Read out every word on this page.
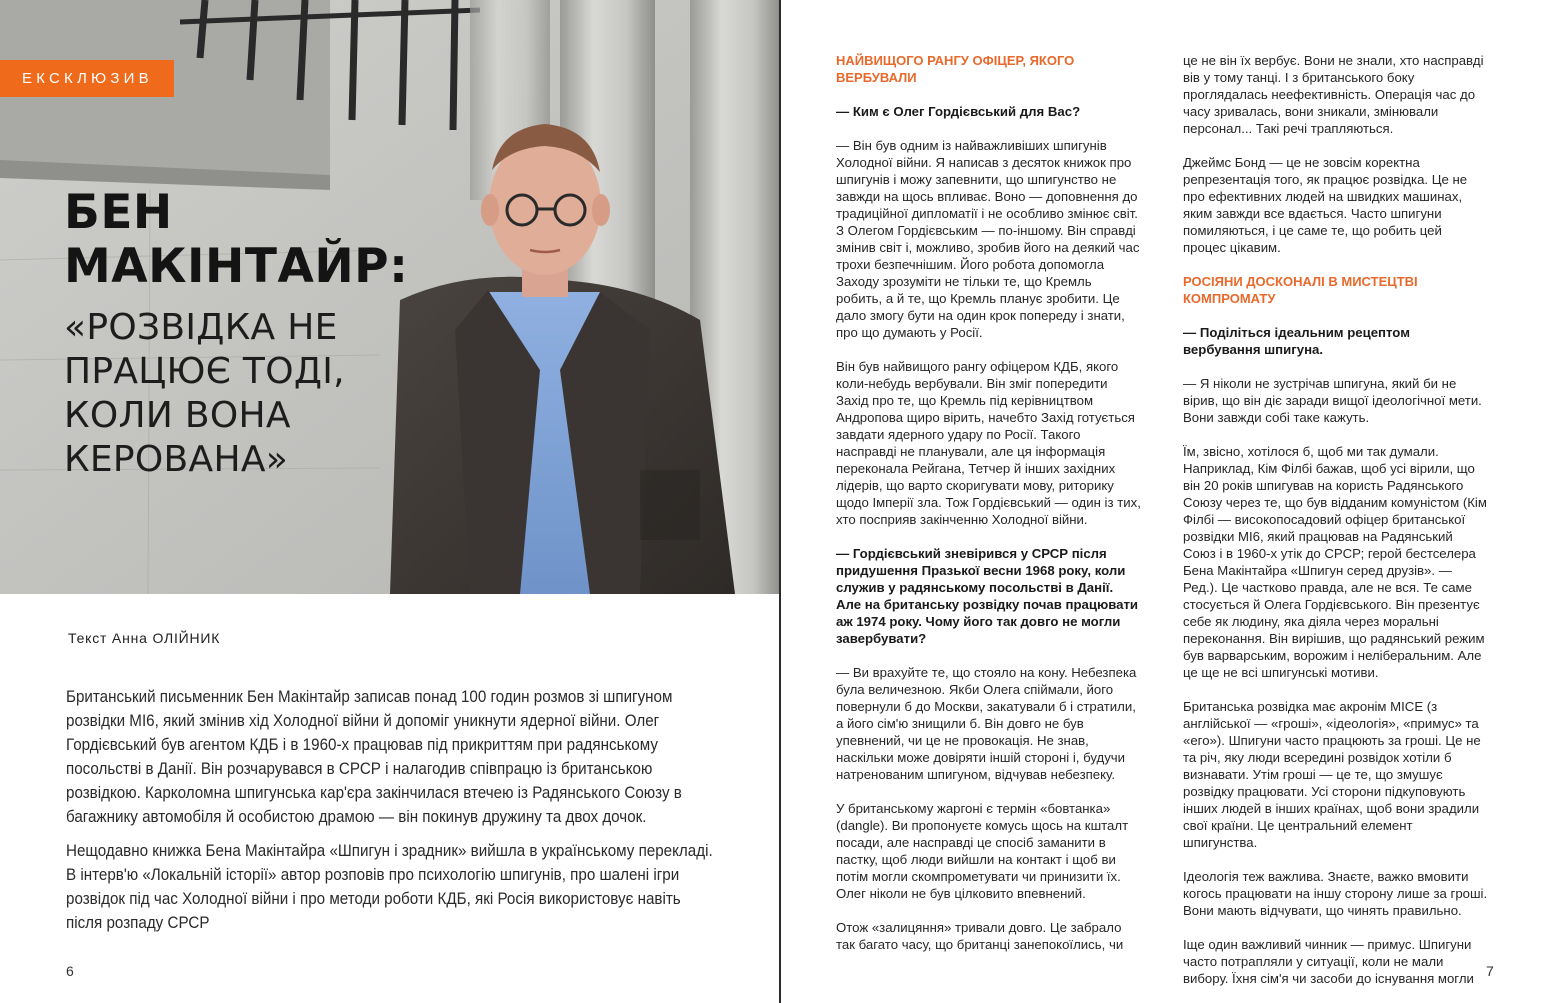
ЕКСКЛЮЗИВ
БЕН
МАКІНТАЙР:
«РОЗВІДКА НЕ
ПРАЦЮЄ ТОДІ,
КОЛИ ВОНА
КЕРОВАНА»
Текст Анна ОЛІЙНИК

Британський письменник Бен Макінтайр записав понад 100 годин розмов зі шпигуном розвідки МІ6, який змінив хід Холодної війни й допоміг уникнути ядерної війни. Олег Гордієвський був агентом КДБ і в 1960-х працював під прикриттям при радянському посольстві в Данії. Він розчарувався в СРСР і налагодив співпрацю із британською розвідкою. Карколомна шпигунська кар'єра закінчилася втечею із Радянського Союзу в багажнику автомобіля й особистою драмою — він покинув дружину та двох дочок.

Нещодавно книжка Бена Макінтайра «Шпигун і зрадник» вийшла в українському перекладі. В інтерв'ю «Локальній історії» автор розповів про психологію шпигунів, про шалені ігри розвідок під час Холодної війни і про методи роботи КДБ, які Росія використовує навіть після розпаду СРСР

6

НАЙВИЩОГО РАНГУ ОФІЦЕР, ЯКОГО ВЕРБУВАЛИ

— Ким є Олег Гордієвський для Вас?

— Він був одним із найважливіших шпигунів Холодної війни. Я написав з десяток книжок про шпигунів і можу запевнити, що шпигунство не завжди на щось впливає. Воно — доповнення до традиційної дипломатії і не особливо змінює світ. З Олегом Гордієвським — по-іншому. Він справді змінив світ і, можливо, зробив його на деякий час трохи безпечнішим. Його робота допомогла Заходу зрозуміти не тільки те, що Кремль робить, а й те, що Кремль планує зробити. Це дало змогу бути на один крок попереду і знати, про що думають у Росії.

Він був найвищого рангу офіцером КДБ, якого коли-небудь вербували. Він зміг попередити Захід про те, що Кремль під керівництвом Андропова щиро вірить, начебто Захід готується завдати ядерного удару по Росії. Такого насправді не планували, але ця інформація переконала Рейгана, Тетчер й інших західних лідерів, що варто скоригувати мову, риторику щодо Імперії зла. Тож Гордієвський — один із тих, хто посприяв закінченню Холодної війни.

— Гордієвський зневірився у СРСР після придушення Празької весни 1968 року, коли служив у радянському посольстві в Данії. Але на британську розвідку почав працювати аж 1974 року. Чому його так довго не могли завербувати?

— Ви врахуйте те, що стояло на кону. Небезпека була величезною. Якби Олега спіймали, його повернули б до Москви, закатували б і стратили, а його сім'ю знищили б. Він довго не був упевнений, чи це не провокація. Не знав, наскільки може довіряти іншій стороні і, будучи натренованим шпигуном, відчував небезпеку.

У британському жаргоні є термін «бовтанка» (dangle). Ви пропонуєте комусь щось на кшталт посади, але насправді це спосіб заманити в пастку, щоб люди вийшли на контакт і щоб ви потім могли скомпрометувати чи принизити їх. Олег ніколи не був цілковито впевнений.

Отож «залицяння» тривали довго. Це забрало так багато часу, що британці занепокоїлись, чи

це не він їх вербує. Вони не знали, хто насправді вів у тому танці. І з британського боку проглядалась неефективність. Операція час до часу зривалась, вони зникали, змінювали персонал... Такі речі трапляються.

Джеймс Бонд — це не зовсім коректна репрезентація того, як працює розвідка. Це не про ефективних людей на швидких машинах, яким завжди все вдається. Часто шпигуни помиляються, і це саме те, що робить цей процес цікавим.

РОСІЯНИ ДОСКОНАЛІ В МИСТЕЦТВІ КОМПРОМАТУ

— Поділіться ідеальним рецептом вербування шпигуна.

— Я ніколи не зустрічав шпигуна, який би не вірив, що він діє заради вищої ідеологічної мети. Вони завжди собі таке кажуть.

Їм, звісно, хотілося б, щоб ми так думали. Наприклад, Кім Філбі бажав, щоб усі вірили, що він 20 років шпигував на користь Радянського Союзу через те, що був відданим комуністом (Кім Філбі — високопосадовий офіцер британської розвідки МІ6, який працював на Радянський Союз і в 1960-х утік до СРСР; герой бестселера Бена Макінтайра «Шпигун серед друзів». — Ред.). Це частково правда, але не вся. Те саме стосується й Олега Гордієвського. Він презентує себе як людину, яка діяла через моральні переконання. Він вирішив, що радянський режим був варварським, ворожим і неліберальним. Але це ще не всі шпигунські мотиви.

Британська розвідка має акронім MICE (з англійської — «гроші», «ідеологія», «примус» та «его»). Шпигуни часто працюють за гроші. Це не та річ, яку люди всередині розвідок хотіли б визнавати. Утім гроші — це те, що змушує розвідку працювати. Усі сторони підкуповують інших людей в інших країнах, щоб вони зрадили свої країни. Це центральний елемент шпигунства.

Ідеологія теж важлива. Знаєте, важко вмовити когось працювати на іншу сторону лише за гроші. Вони мають відчувати, що чинять правильно.

Іще один важливий чинник — примус. Шпигуни часто потрапляли у ситуації, коли не мали вибору. Їхня сім'я чи засоби до існування могли 7
